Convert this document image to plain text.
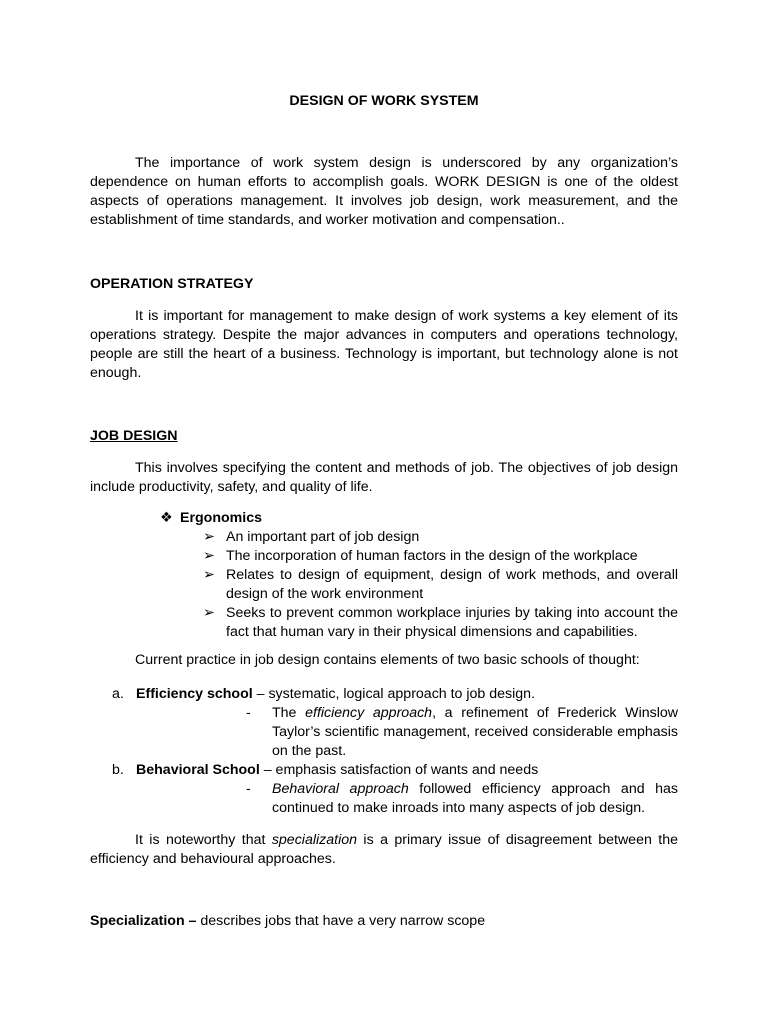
DESIGN OF WORK SYSTEM
The importance of work system design is underscored by any organization’s dependence on human efforts to accomplish goals. WORK DESIGN is one of the oldest aspects of operations management. It involves job design, work measurement, and the establishment of time standards, and worker motivation and compensation..
OPERATION STRATEGY
It is important for management to make design of work systems a key element of its operations strategy. Despite the major advances in computers and operations technology, people are still the heart of a business. Technology is important, but technology alone is not enough.
JOB DESIGN
This involves specifying the content and methods of job. The objectives of job design include productivity, safety, and quality of life.
❖ Ergonomics
➢ An important part of job design
➢ The incorporation of human factors in the design of the workplace
➢ Relates to design of equipment, design of work methods, and overall design of the work environment
➢ Seeks to prevent common workplace injuries by taking into account the fact that human vary in their physical dimensions and capabilities.
Current practice in job design contains elements of two basic schools of thought:
a. Efficiency school – systematic, logical approach to job design.
- The efficiency approach, a refinement of Frederick Winslow Taylor’s scientific management, received considerable emphasis on the past.
b. Behavioral School – emphasis satisfaction of wants and needs
- Behavioral approach followed efficiency approach and has continued to make inroads into many aspects of job design.
It is noteworthy that specialization is a primary issue of disagreement between the efficiency and behavioural approaches.
Specialization – describes jobs that have a very narrow scope
